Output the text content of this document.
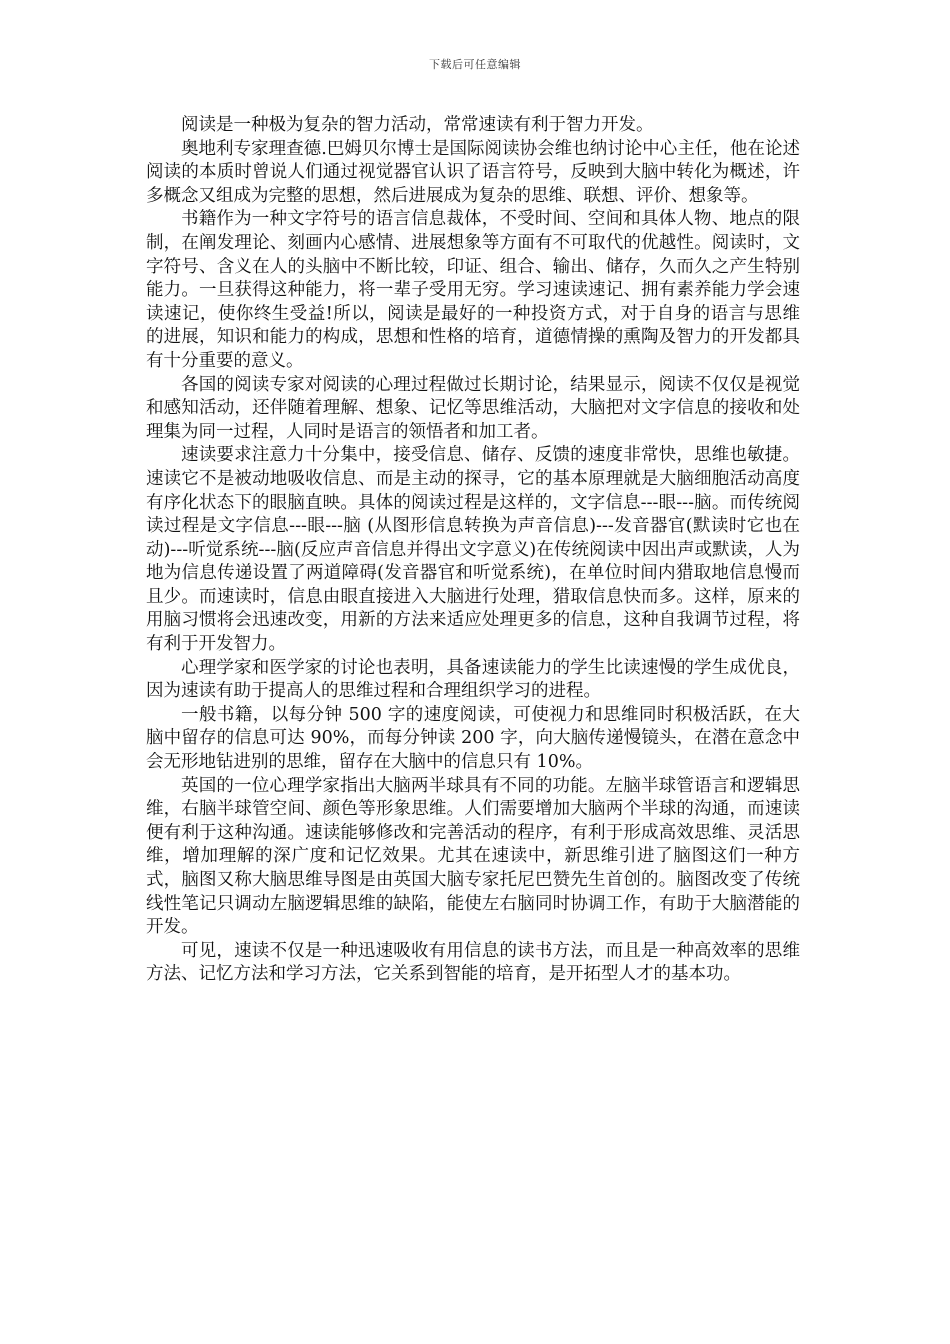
下载后可任意编辑

阅读是一种极为复杂的智力活动，常常速读有利于智力开发。

奥地利专家理查德.巴姆贝尔博士是国际阅读协会维也纳讨论中心主任，他在论述阅读的本质时曾说人们通过视觉器官认识了语言符号，反映到大脑中转化为概述，许多概念又组成为完整的思想，然后进展成为复杂的思维、联想、评价、想象等。

书籍作为一种文字符号的语言信息裁体，不受时间、空间和具体人物、地点的限制，在阐发理论、刻画内心感情、进展想象等方面有不可取代的优越性。阅读时，文字符号、含义在人的头脑中不断比较，印证、组合、输出、储存，久而久之产生特别能力。一旦获得这种能力，将一辈子受用无穷。学习速读速记、拥有素养能力学会速读速记，使你终生受益!所以，阅读是最好的一种投资方式，对于自身的语言与思维的进展，知识和能力的构成，思想和性格的培育，道德情操的熏陶及智力的开发都具有十分重要的意义。

各国的阅读专家对阅读的心理过程做过长期讨论，结果显示，阅读不仅仅是视觉和感知活动，还伴随着理解、想象、记忆等思维活动，大脑把对文字信息的接收和处理集为同一过程，人同时是语言的领悟者和加工者。

速读要求注意力十分集中，接受信息、储存、反馈的速度非常快，思维也敏捷。速读它不是被动地吸收信息、而是主动的探寻，它的基本原理就是大脑细胞活动高度有序化状态下的眼脑直映。具体的阅读过程是这样的，文字信息---眼---脑。而传统阅读过程是文字信息---眼---脑 (从图形信息转换为声音信息)---发音器官(默读时它也在动)---听觉系统---脑(反应声音信息并得出文字意义)在传统阅读中因出声或默读，人为地为信息传递设置了两道障碍(发音器官和听觉系统)，在单位时间内猎取地信息慢而且少。而速读时，信息由眼直接进入大脑进行处理，猎取信息快而多。这样，原来的用脑习惯将会迅速改变，用新的方法来适应处理更多的信息，这种自我调节过程，将有利于开发智力。

心理学家和医学家的讨论也表明，具备速读能力的学生比读速慢的学生成优良，因为速读有助于提高人的思维过程和合理组织学习的进程。

一般书籍，以每分钟 500 字的速度阅读，可使视力和思维同时积极活跃，在大脑中留存的信息可达 90%，而每分钟读 200 字，向大脑传递慢镜头，在潜在意念中会无形地钻进别的思维，留存在大脑中的信息只有 10%。

英国的一位心理学家指出大脑两半球具有不同的功能。左脑半球管语言和逻辑思维，右脑半球管空间、颜色等形象思维。人们需要增加大脑两个半球的沟通，而速读便有利于这种沟通。速读能够修改和完善活动的程序，有利于形成高效思维、灵活思维，增加理解的深广度和记忆效果。尤其在速读中，新思维引进了脑图这们一种方式，脑图又称大脑思维导图是由英国大脑专家托尼巴赞先生首创的。脑图改变了传统线性笔记只调动左脑逻辑思维的缺陷，能使左右脑同时协调工作，有助于大脑潜能的开发。

可见，速读不仅是一种迅速吸收有用信息的读书方法，而且是一种高效率的思维方法、记忆方法和学习方法，它关系到智能的培育，是开拓型人才的基本功。
